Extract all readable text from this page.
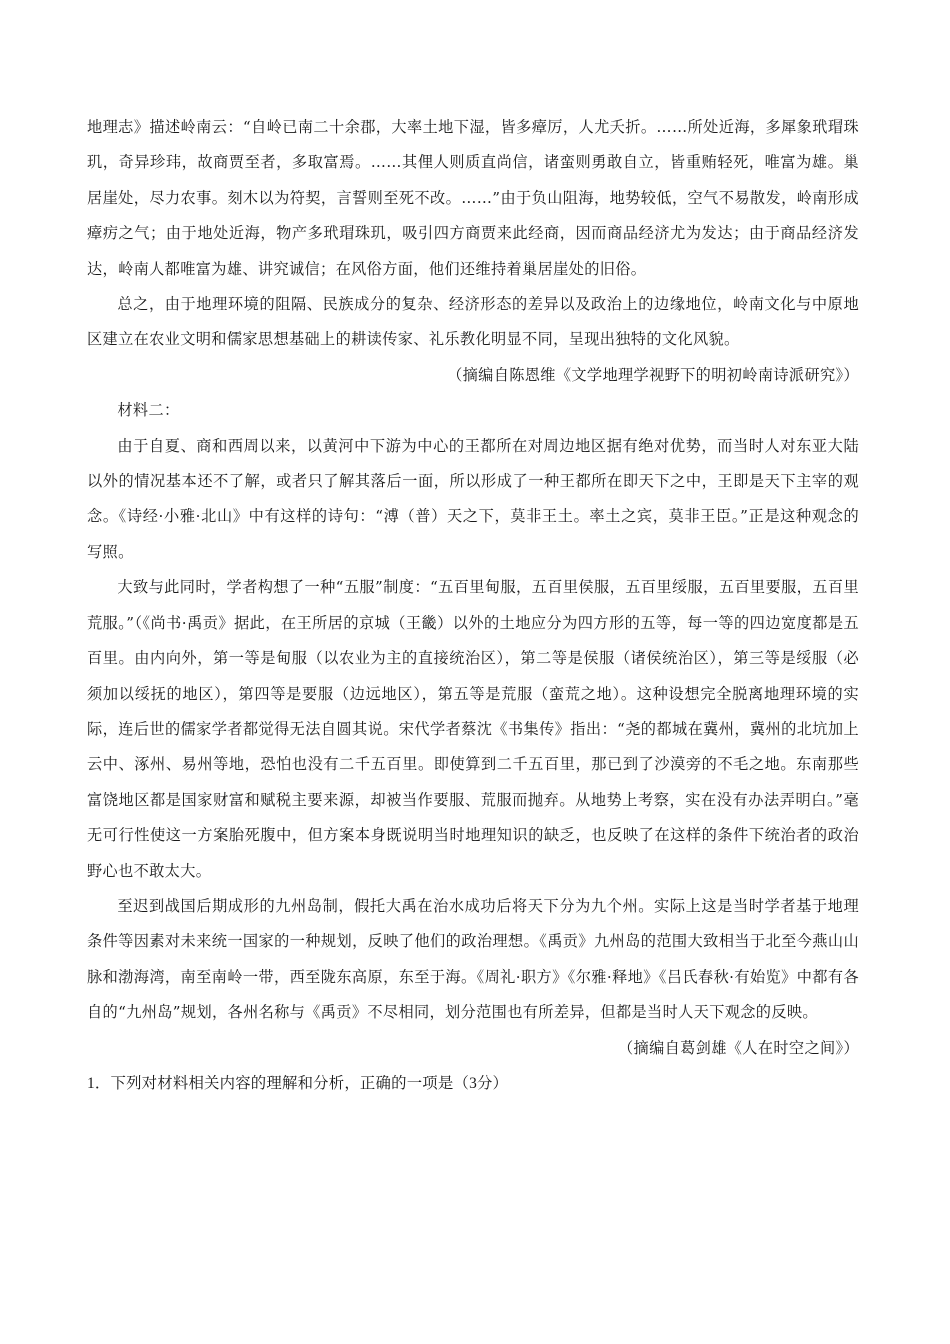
地理志》描述岭南云：“自岭已南二十余郡，大率土地下湿，皆多瘴厉，人尤夭折。……所处近海，多犀象玳瑁珠玑，奇异珍玮，故商贾至者，多取富焉。……其俚人则质直尚信，诸蛮则勇敢自立，皆重贿轻死，唯富为雄。巢居崖处，尽力农事。刻木以为符契，言誓则至死不改。……”由于负山阻海，地势较低，空气不易散发，岭南形成瘴疠之气；由于地处近海，物产多玳瑁珠玑，吸引四方商贾来此经商，因而商品经济尤为发达；由于商品经济发达，岭南人都唯富为雄、讲究诚信；在风俗方面，他们还维持着巢居崖处的旧俗。

总之，由于地理环境的阻隔、民族成分的复杂、经济形态的差异以及政治上的边缘地位，岭南文化与中原地区建立在农业文明和儒家思想基础上的耕读传家、礼乐教化明显不同，呈现出独特的文化风貌。

（摘编自陈恩维《文学地理学视野下的明初岭南诗派研究》）

材料二：

由于自夏、商和西周以来，以黄河中下游为中心的王都所在对周边地区据有绝对优势，而当时人对东亚大陆以外的情况基本还不了解，或者只了解其落后一面，所以形成了一种王都所在即天下之中，王即是天下主宰的观念。《诗经·小雅·北山》中有这样的诗句：“溥（普）天之下，莫非王土。率土之宾，莫非王臣。”正是这种观念的写照。

大致与此同时，学者构想了一种“五服”制度：“五百里甸服，五百里侯服，五百里绥服，五百里要服，五百里荒服。”（《尚书·禹贡》据此，在王所居的京城（王畿）以外的土地应分为四方形的五等，每一等的四边宽度都是五百里。由内向外，第一等是甸服（以农业为主的直接统治区），第二等是侯服（诸侯统治区），第三等是绥服（必须加以绥抚的地区），第四等是要服（边远地区），第五等是荒服（蛮荒之地）。这种设想完全脱离地理环境的实际，连后世的儒家学者都觉得无法自圆其说。宋代学者蔡沈《书集传》指出：“尧的都城在冀州，冀州的北坑加上云中、涿州、易州等地，恐怕也没有二千五百里。即使算到二千五百里，那已到了沙漠旁的不毛之地。东南那些富饶地区都是国家财富和赋税主要来源，却被当作要服、荒服而抛弃。从地势上考察，实在没有办法弄明白。”毫无可行性使这一方案胎死腹中，但方案本身既说明当时地理知识的缺乏，也反映了在这样的条件下统治者的政治野心也不敢太大。

至迟到战国后期成形的九州岛制，假托大禹在治水成功后将天下分为九个州。实际上这是当时学者基于地理条件等因素对未来统一国家的一种规划，反映了他们的政治理想。《禹贡》九州岛的范围大致相当于北至今燕山山脉和渤海湾，南至南岭一带，西至陇东高原，东至于海。《周礼·职方》《尔雅·释地》《吕氏春秋·有始览》中都有各自的“九州岛”规划，各州名称与《禹贡》不尽相同，划分范围也有所差异，但都是当时人天下观念的反映。

（摘编自葛剑雄《人在时空之间》）

1．下列对材料相关内容的理解和分析，正确的一项是（3分）
